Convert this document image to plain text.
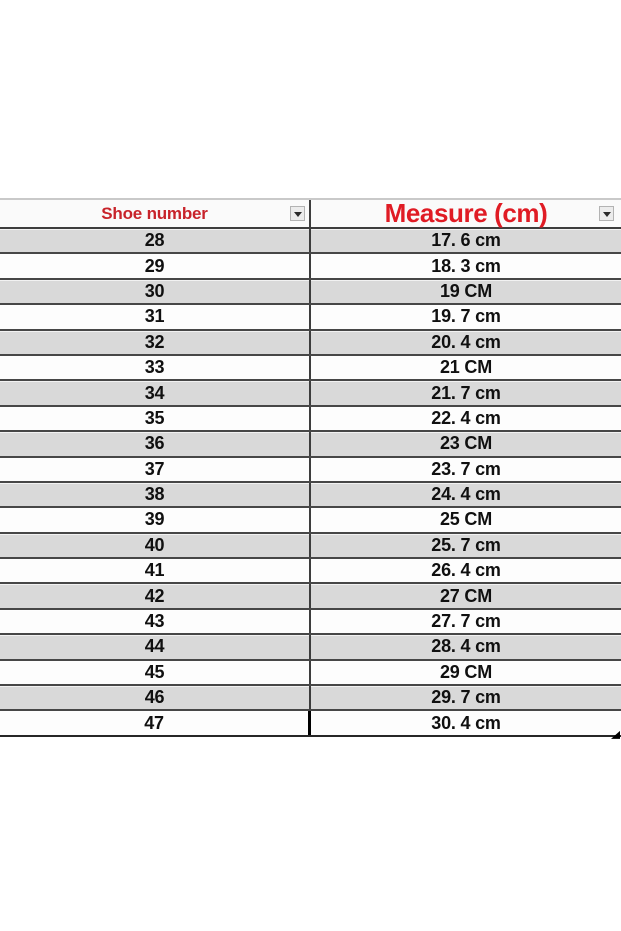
Shoe number	Measure (cm)
28	17. 6 cm
29	18. 3 cm
30	19 CM
31	19. 7 cm
32	20. 4 cm
33	21 CM
34	21. 7 cm
35	22. 4 cm
36	23 CM
37	23. 7 cm
38	24. 4 cm
39	25 CM
40	25. 7 cm
41	26. 4 cm
42	27 CM
43	27. 7 cm
44	28. 4 cm
45	29 CM
46	29. 7 cm
47	30. 4 cm
